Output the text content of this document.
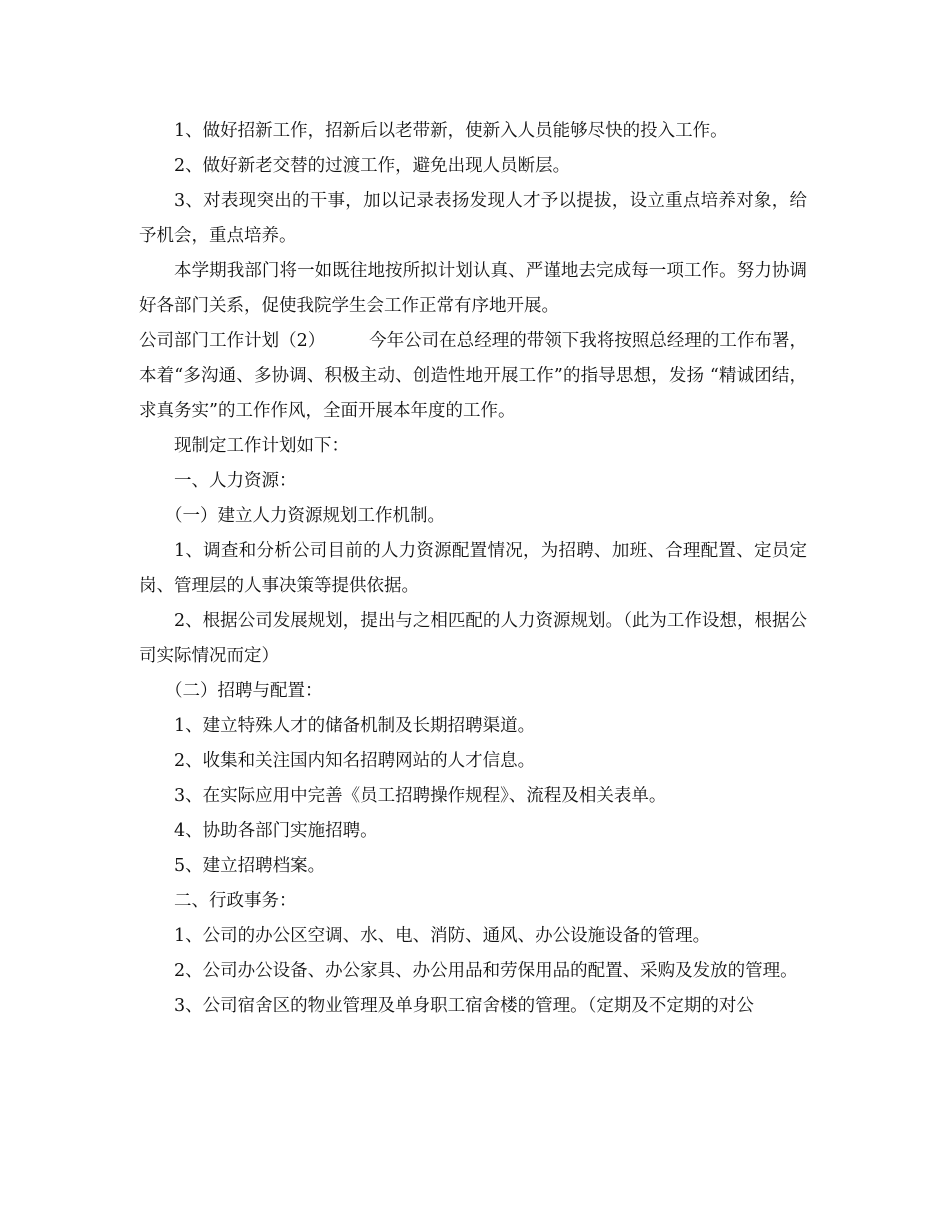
1、做好招新工作，招新后以老带新，使新入人员能够尽快的投入工作。

2、做好新老交替的过渡工作，避免出现人员断层。

3、对表现突出的干事，加以记录表扬发现人才予以提拔，设立重点培养对象，给予机会，重点培养。

本学期我部门将一如既往地按所拟计划认真、严谨地去完成每一项工作。努力协调好各部门关系，促使我院学生会工作正常有序地开展。

公司部门工作计划（2）　　　今年公司在总经理的带领下我将按照总经理的工作布署，本着“多沟通、多协调、积极主动、创造性地开展工作”的指导思想，发扬 “精诚团结，求真务实”的工作作风，全面开展本年度的工作。

现制定工作计划如下：

一、人力资源：

（一）建立人力资源规划工作机制。

1、调查和分析公司目前的人力资源配置情况，为招聘、加班、合理配置、定员定岗、管理层的人事决策等提供依据。

2、根据公司发展规划，提出与之相匹配的人力资源规划。（此为工作设想，根据公司实际情况而定）

（二）招聘与配置：

1、建立特殊人才的储备机制及长期招聘渠道。

2、收集和关注国内知名招聘网站的人才信息。

3、在实际应用中完善《员工招聘操作规程》、流程及相关表单。

4、协助各部门实施招聘。

5、建立招聘档案。

二、行政事务：

1、公司的办公区空调、水、电、消防、通风、办公设施设备的管理。

2、公司办公设备、办公家具、办公用品和劳保用品的配置、采购及发放的管理。

3、公司宿舍区的物业管理及单身职工宿舍楼的管理。（定期及不定期的对公
